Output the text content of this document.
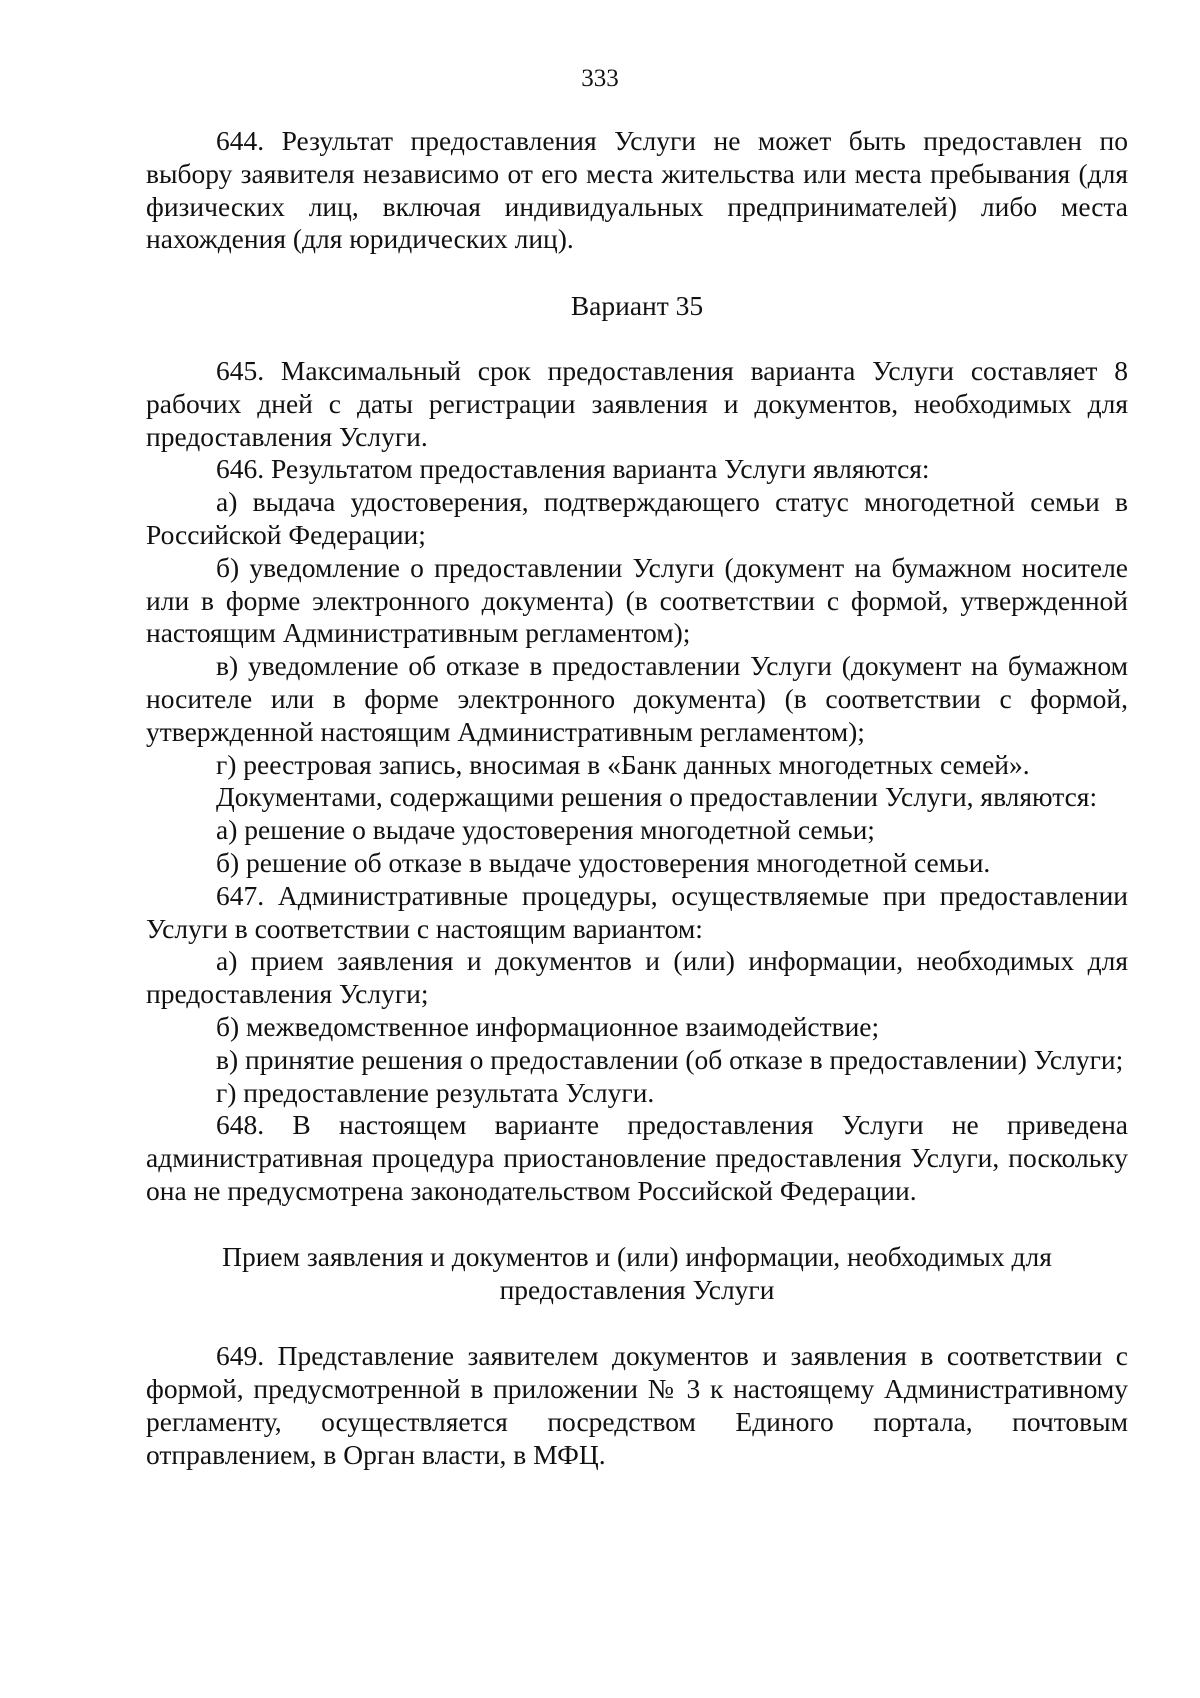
333

644. Результат предоставления Услуги не может быть предоставлен по выбору заявителя независимо от его места жительства или места пребывания (для физических лиц, включая индивидуальных предпринимателей) либо места нахождения (для юридических лиц).

Вариант 35

645. Максимальный срок предоставления варианта Услуги составляет 8 рабочих дней с даты регистрации заявления и документов, необходимых для предоставления Услуги.

646. Результатом предоставления варианта Услуги являются:

а) выдача удостоверения, подтверждающего статус многодетной семьи в Российской Федерации;

б) уведомление о предоставлении Услуги (документ на бумажном носителе или в форме электронного документа) (в соответствии с формой, утвержденной настоящим Административным регламентом);

в) уведомление об отказе в предоставлении Услуги (документ на бумажном носителе или в форме электронного документа) (в соответствии с формой, утвержденной настоящим Административным регламентом);

г) реестровая запись, вносимая в «Банк данных многодетных семей».

Документами, содержащими решения о предоставлении Услуги, являются:

а) решение о выдаче удостоверения многодетной семьи;

б) решение об отказе в выдаче удостоверения многодетной семьи.

647. Административные процедуры, осуществляемые при предоставлении Услуги в соответствии с настоящим вариантом:

а) прием заявления и документов и (или) информации, необходимых для предоставления Услуги;

б) межведомственное информационное взаимодействие;

в) принятие решения о предоставлении (об отказе в предоставлении) Услуги;

г) предоставление результата Услуги.

648. В настоящем варианте предоставления Услуги не приведена административная процедура приостановление предоставления Услуги, поскольку она не предусмотрена законодательством Российской Федерации.

Прием заявления и документов и (или) информации, необходимых для

предоставления Услуги

649. Представление заявителем документов и заявления в соответствии с формой, предусмотренной в приложении № 3 к настоящему Административному регламенту, осуществляется посредством Единого портала, почтовым отправлением, в Орган власти, в МФЦ.
